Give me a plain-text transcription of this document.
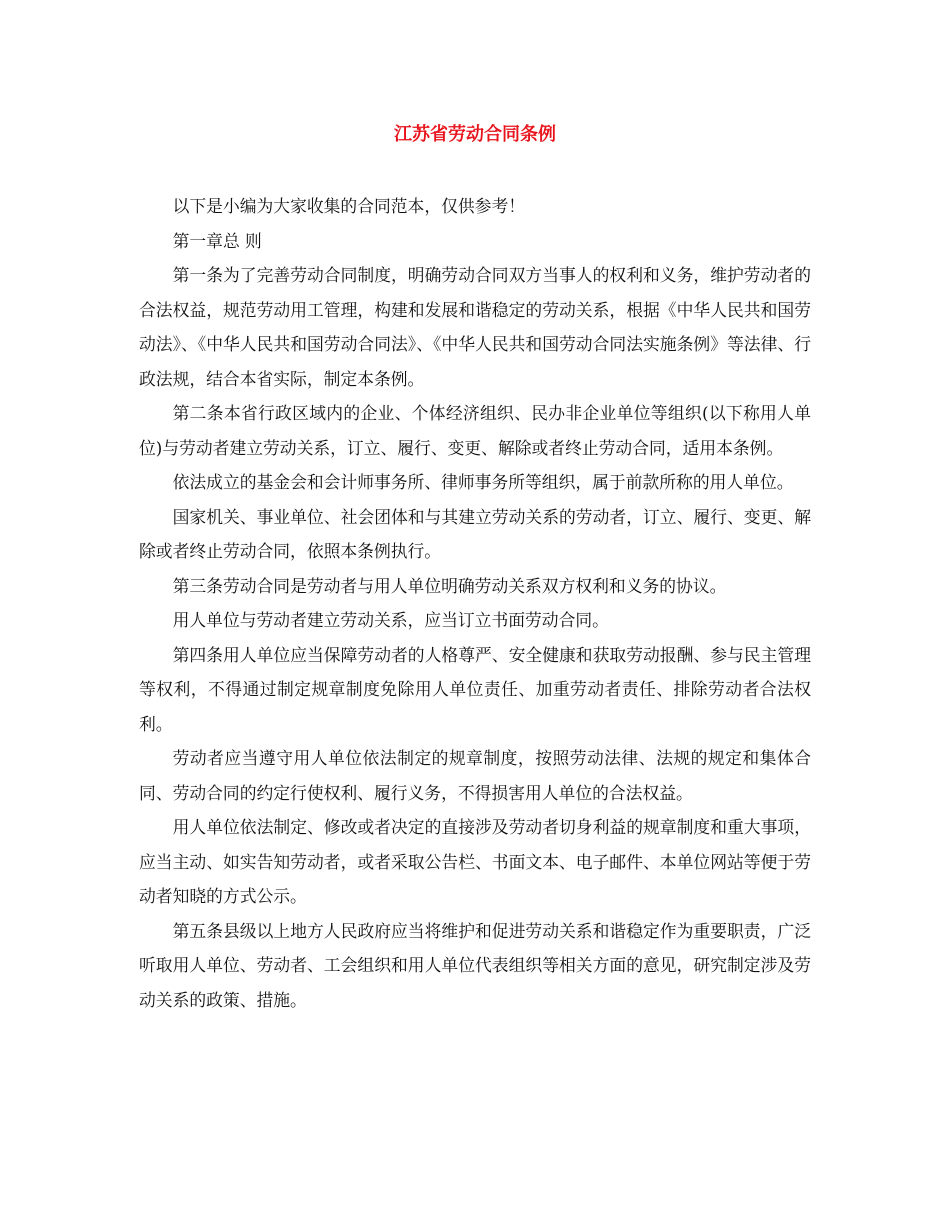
江苏省劳动合同条例

以下是小编为大家收集的合同范本，仅供参考！

第一章总 则

第一条为了完善劳动合同制度，明确劳动合同双方当事人的权利和义务，维护劳动者的合法权益，规范劳动用工管理，构建和发展和谐稳定的劳动关系，根据《中华人民共和国劳动法》、《中华人民共和国劳动合同法》、《中华人民共和国劳动合同法实施条例》等法律、行政法规，结合本省实际，制定本条例。

第二条本省行政区域内的企业、个体经济组织、民办非企业单位等组织(以下称用人单位)与劳动者建立劳动关系，订立、履行、变更、解除或者终止劳动合同，适用本条例。

依法成立的基金会和会计师事务所、律师事务所等组织，属于前款所称的用人单位。

国家机关、事业单位、社会团体和与其建立劳动关系的劳动者，订立、履行、变更、解除或者终止劳动合同，依照本条例执行。

第三条劳动合同是劳动者与用人单位明确劳动关系双方权利和义务的协议。

用人单位与劳动者建立劳动关系，应当订立书面劳动合同。

第四条用人单位应当保障劳动者的人格尊严、安全健康和获取劳动报酬、参与民主管理等权利，不得通过制定规章制度免除用人单位责任、加重劳动者责任、排除劳动者合法权利。

劳动者应当遵守用人单位依法制定的规章制度，按照劳动法律、法规的规定和集体合同、劳动合同的约定行使权利、履行义务，不得损害用人单位的合法权益。

用人单位依法制定、修改或者决定的直接涉及劳动者切身利益的规章制度和重大事项，应当主动、如实告知劳动者，或者采取公告栏、书面文本、电子邮件、本单位网站等便于劳动者知晓的方式公示。

第五条县级以上地方人民政府应当将维护和促进劳动关系和谐稳定作为重要职责，广泛听取用人单位、劳动者、工会组织和用人单位代表组织等相关方面的意见，研究制定涉及劳动关系的政策、措施。
